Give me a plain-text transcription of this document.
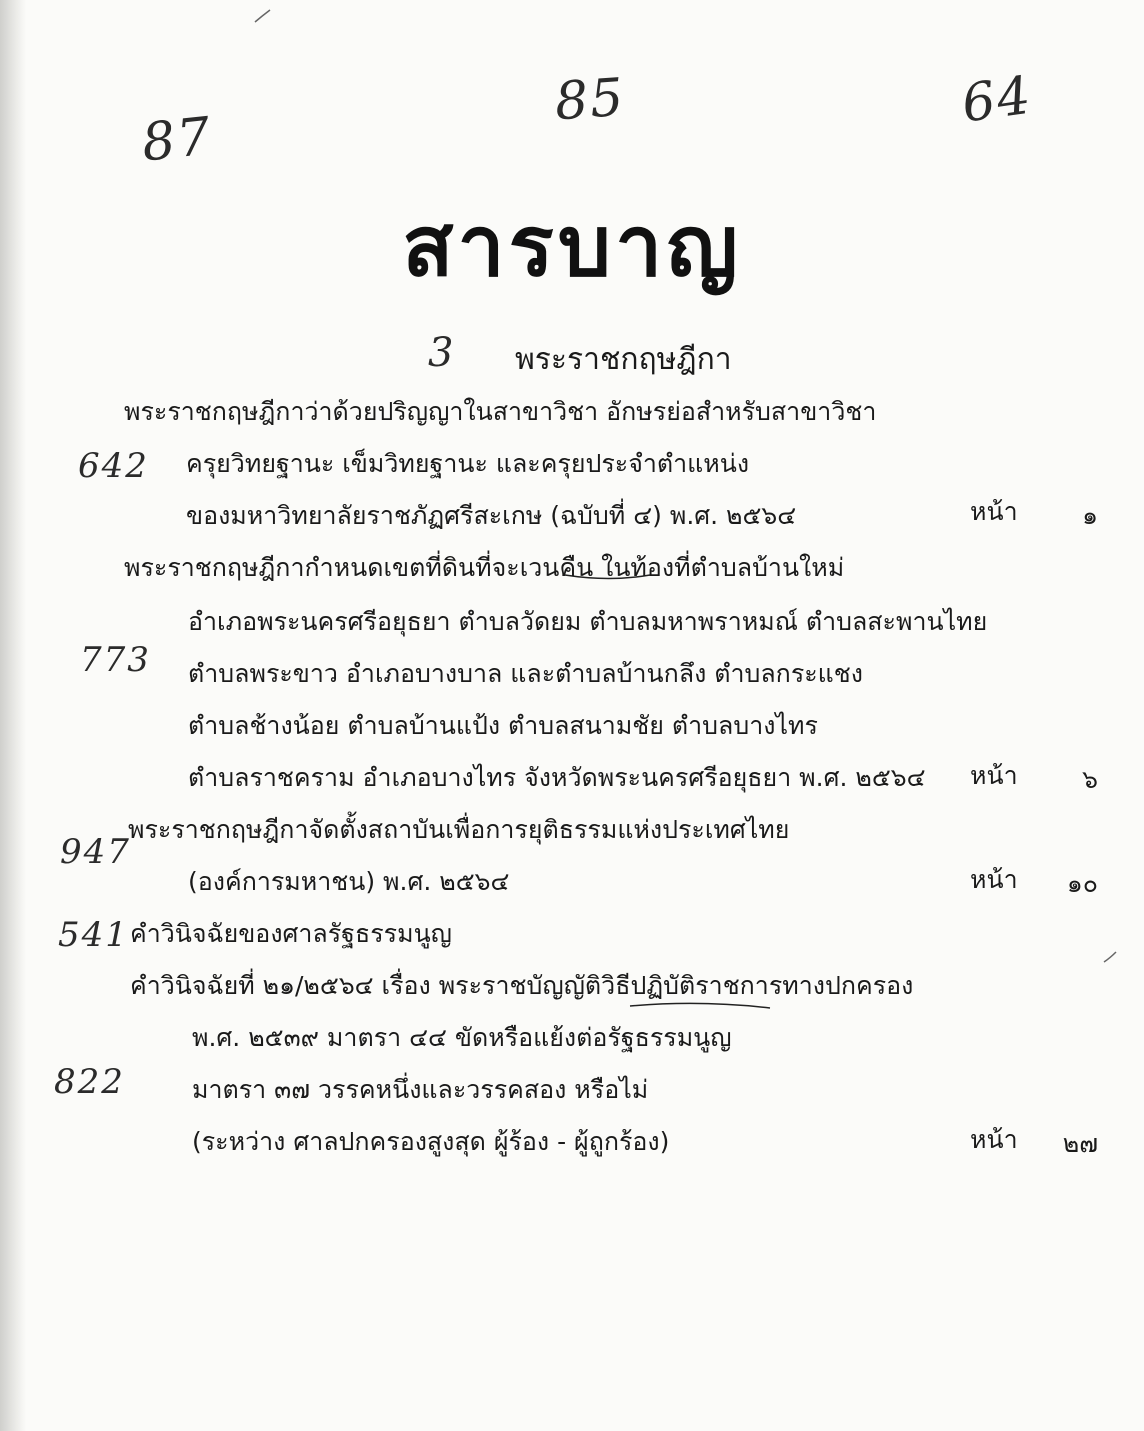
87
85	64
3
642
773
947
541
822
สารบาญ
พระราชกฤษฎีกา
พระราชกฤษฎีกาว่าด้วยปริญญาในสาขาวิชา อักษรย่อสำหรับสาขาวิชา
ครุยวิทยฐานะ เข็มวิทยฐานะ และครุยประจำตำแหน่ง
ของมหาวิทยาลัยราชภัฏศรีสะเกษ (ฉบับที่ ๔) พ.ศ. ๒๕๖๔	หน้า	๑
พระราชกฤษฎีกากำหนดเขตที่ดินที่จะเวนคืน ในท้องที่ตำบลบ้านใหม่
อำเภอพระนครศรีอยุธยา ตำบลวัดยม ตำบลมหาพราหมณ์ ตำบลสะพานไทย
ตำบลพระขาว อำเภอบางบาล และตำบลบ้านกลึง ตำบลกระแชง
ตำบลช้างน้อย ตำบลบ้านแป้ง ตำบลสนามชัย ตำบลบางไทร
ตำบลราชคราม อำเภอบางไทร จังหวัดพระนครศรีอยุธยา พ.ศ. ๒๕๖๔ หน้า	๖
พระราชกฤษฎีกาจัดตั้งสถาบันเพื่อการยุติธรรมแห่งประเทศไทย
(องค์การมหาชน) พ.ศ. ๒๕๖๔	หน้า ๑๐
คำวินิจฉัยของศาลรัฐธรรมนูญ
คำวินิจฉัยที่ ๒๑/๒๕๖๔ เรื่อง พระราชบัญญัติวิธีปฏิบัติราชการทางปกครอง
พ.ศ. ๒๕๓๙ มาตรา ๔๔ ขัดหรือแย้งต่อรัฐธรรมนูญ
มาตรา ๓๗ วรรคหนึ่งและวรรคสอง หรือไม่
(ระหว่าง ศาลปกครองสูงสุด ผู้ร้อง - ผู้ถูกร้อง)	หน้า ๒๗
